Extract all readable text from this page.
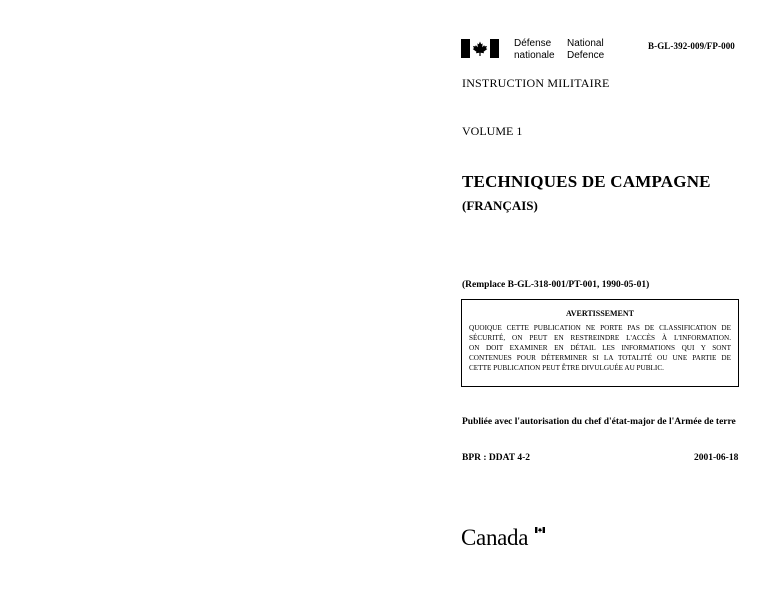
Défense
nationale
National
Defence
B-GL-392-009/FP-000
INSTRUCTION MILITAIRE
VOLUME 1
TECHNIQUES DE CAMPAGNE
(FRANÇAIS)
(Remplace B-GL-318-001/PT-001, 1990-05-01)
AVERTISSEMENT
QUOIQUE CETTE PUBLICATION NE PORTE PAS DE CLASSIFICATION DE
SÉCURITÉ, ON PEUT EN RESTREINDRE L'ACCÈS À L'INFORMATION.
ON DOIT EXAMINER EN DÉTAIL LES INFORMATIONS QUI Y SONT
CONTENUES POUR DÉTERMINER SI LA TOTALITÉ OU UNE PARTIE DE
CETTE PUBLICATION PEUT ÊTRE DIVULGUÉE AU PUBLIC.
Publiée avec l'autorisation du chef d'état-major de l'Armée de terre
BPR : DDAT 4-2	2001-06-18
Canada
